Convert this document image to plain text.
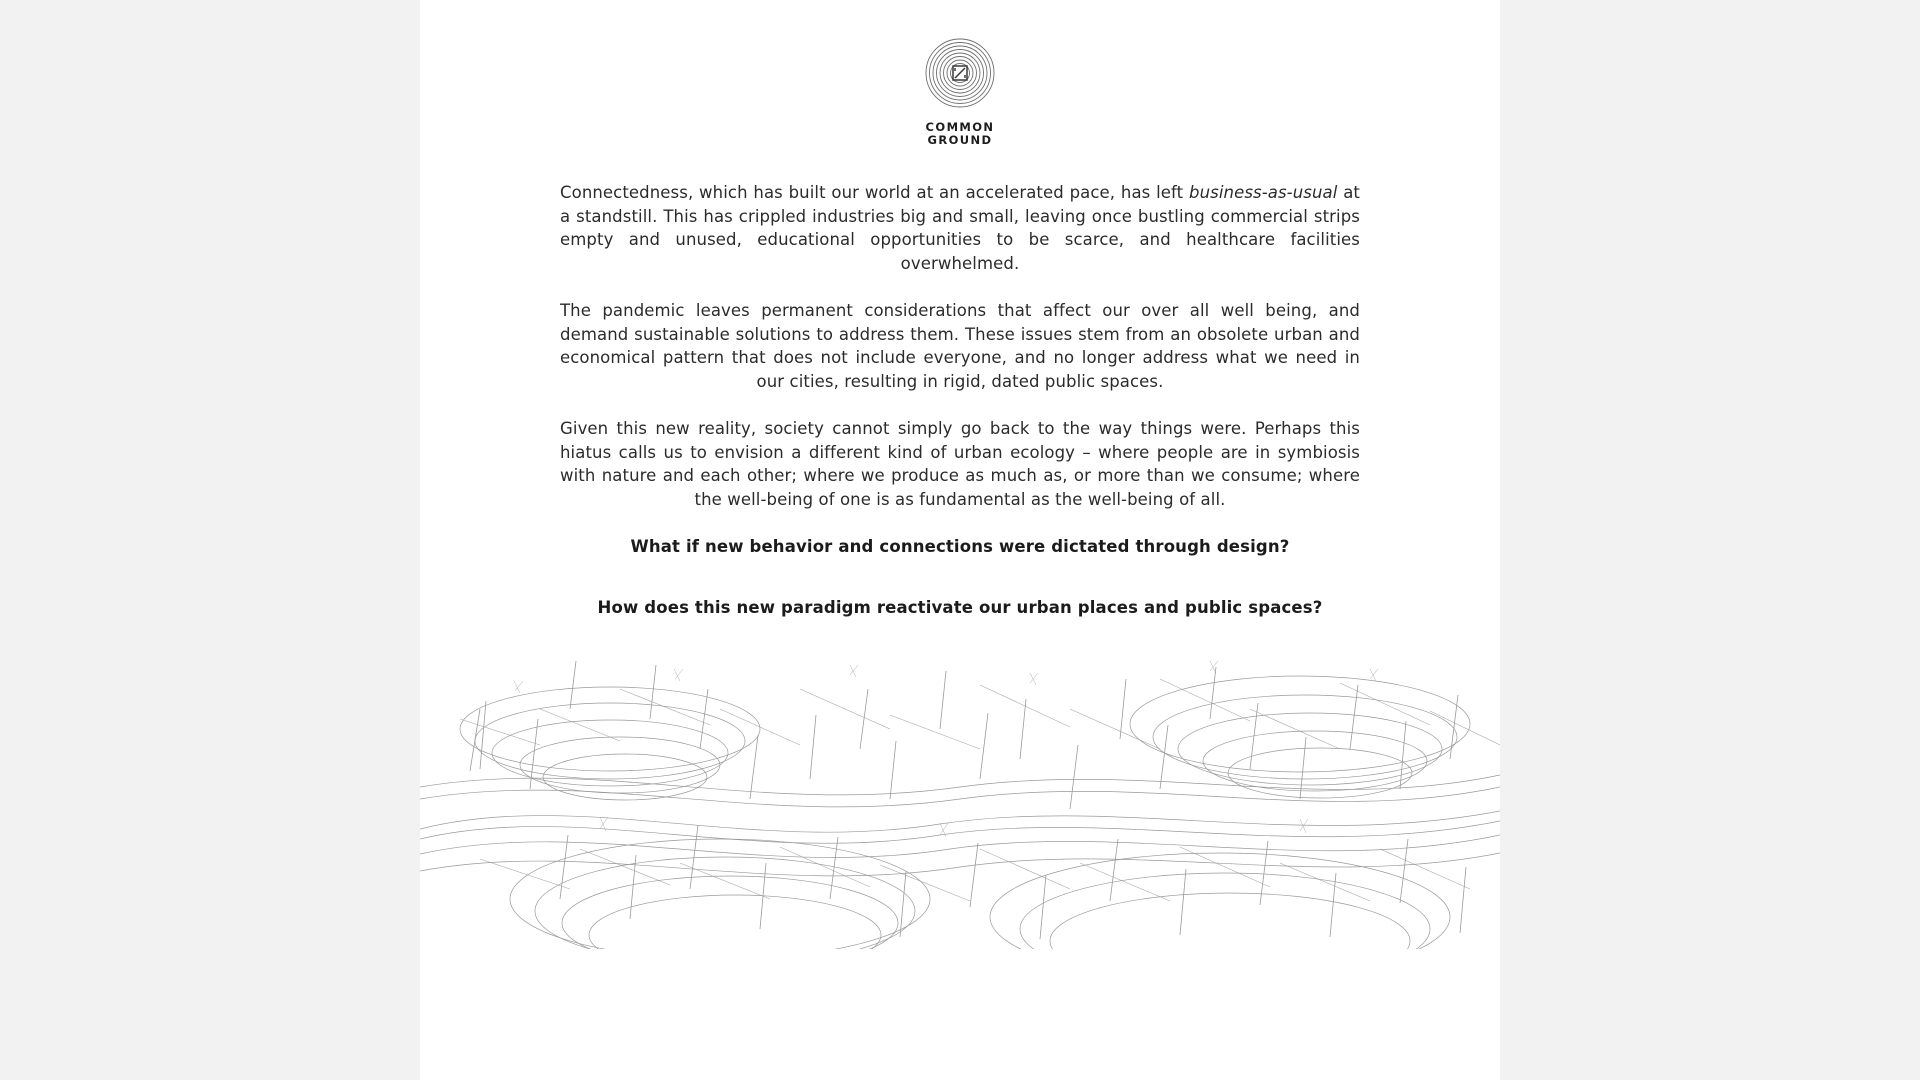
COMMON
GROUND

Connectedness, which has built our world at an accelerated pace, has left business-as-usual at a standstill. This has crippled industries big and small, leaving once bustling commercial strips empty and unused, educational opportunities to be scarce, and healthcare facilities overwhelmed.

The pandemic leaves permanent considerations that affect our over all well being, and demand sustainable solutions to address them. These issues stem from an obsolete urban and economical pattern that does not include everyone, and no longer address what we need in our cities, resulting in rigid, dated public spaces.

Given this new reality, society cannot simply go back to the way things were. Perhaps this hiatus calls us to envision a different kind of urban ecology – where people are in symbiosis with nature and each other; where we produce as much as, or more than we consume; where the well-being of one is as fundamental as the well-being of all.

What if new behavior and connections were dictated through design?

How does this new paradigm reactivate our urban places and public spaces?
